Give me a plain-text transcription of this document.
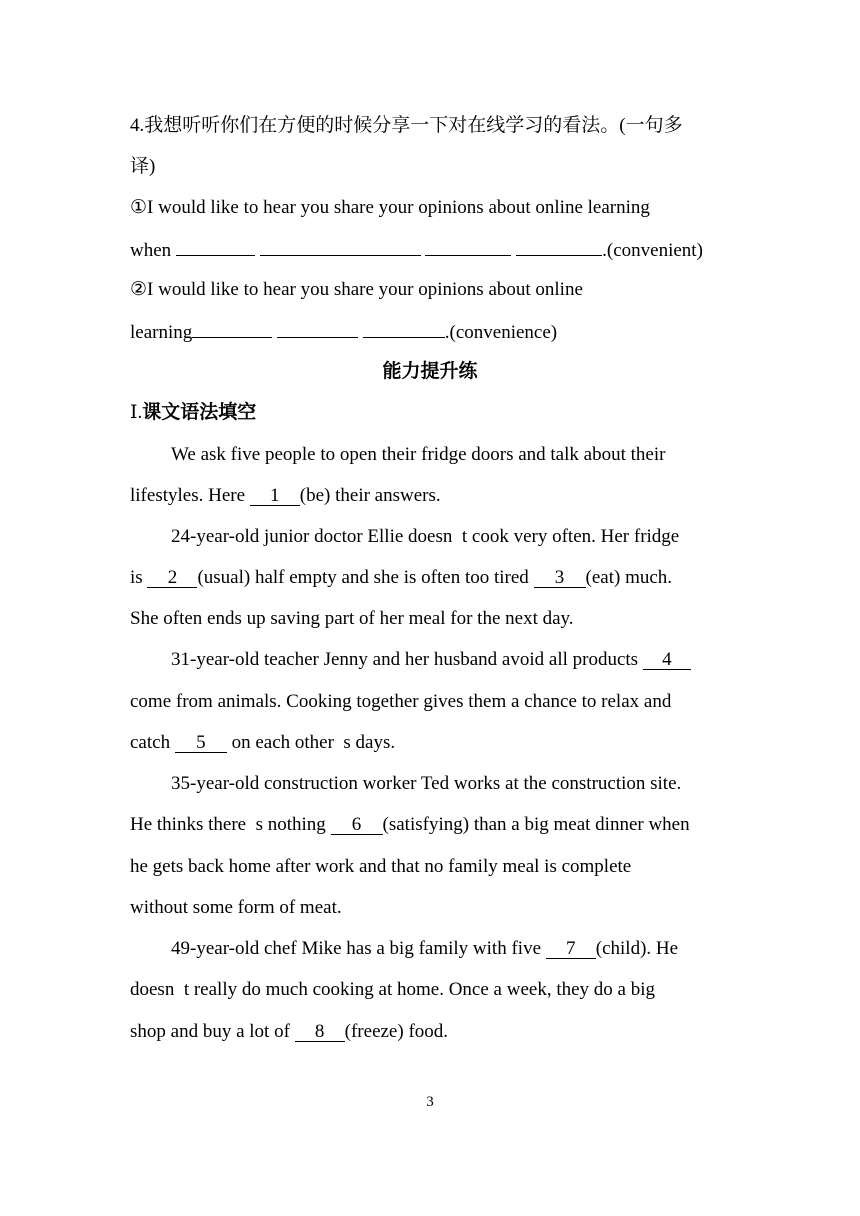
4.我想听听你们在方便的时候分享一下对在线学习的看法。(一句多
译)
①I would like to hear you share your opinions about online learning
when	.(convenient)
②I would like to hear you share your opinions about online
learning	.(convenience)
能力提升练
Ⅰ.课文语法填空
We ask five people to open their fridge doors and talk about their
lifestyles. Here 1 (be) their answers.
24-year-old junior doctor Ellie doesn  t cook very often. Her fridge
is 2 (usual) half empty and she is often too tired 3 (eat) much.
She often ends up saving part of her meal for the next day.
31-year-old teacher Jenny and her husband avoid all products 4
come from animals. Cooking together gives them a chance to relax and
catch 5 on each other  s days.
35-year-old construction worker Ted works at the construction site.
He thinks there  s nothing 6 (satisfying) than a big meat dinner when
he gets back home after work and that no family meal is complete
without some form of meat.
49-year-old chef Mike has a big family with five 7 (child). He
doesn  t really do much cooking at home. Once a week, they do a big
shop and buy a lot of 8 (freeze) food.
3
